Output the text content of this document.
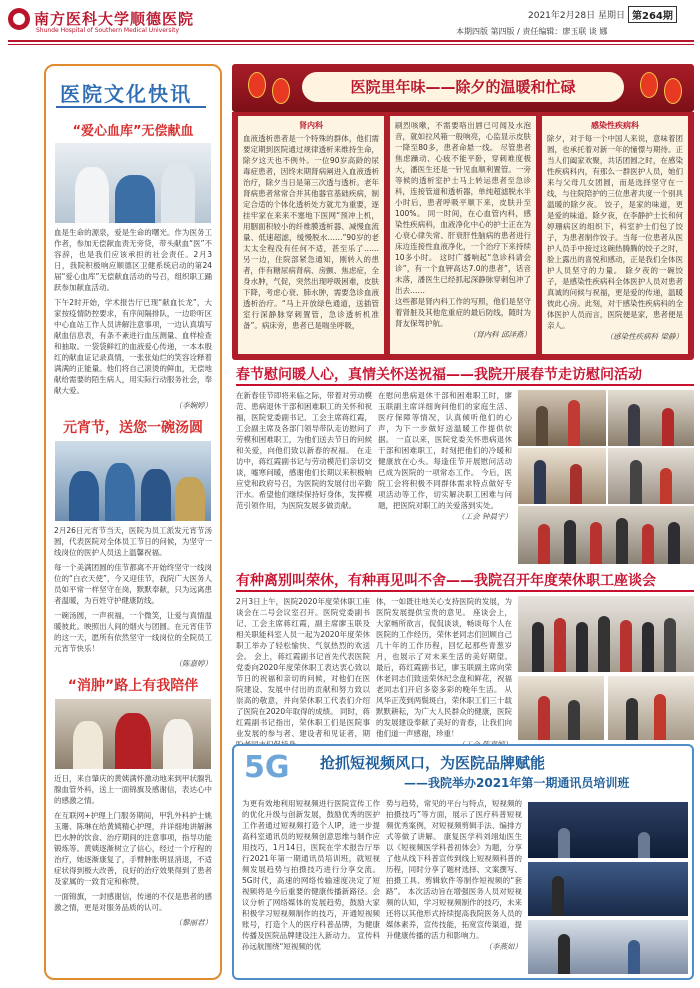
南方医科大学顺德医院
Shunde Hospital of Southern Medical University
2021年2月28日 星期日 第264期
本期四版 第四版 / 责任编辑：廖玉联 谈 娜
医院文化快讯
“爱心血库”无偿献血
血是生命的源泉，爱是生命的曙光。作为医务工作者，参加无偿献血责无旁贷，带头献血“医”不容辞，也是我们应该承担的社会责任。2月3日，我院积极响应顺德区卫健系统启动的第24届“爱心血库”无偿献血活动的号召，组织职工踊跃参加献血活动。
下午2时开始，学术报告厅已现“献血长龙”，大家按疫情防控要求，有序间隔排队，一边聆听区中心血站工作人员讲解注意事项，一边认真填写献血信息表，有条不紊进行血压测量、血样检查和抽取。一袋袋鲜红的血液爱心传递，一本本殷红的献血证记录真情，一张张灿烂的笑容诠释着满满的正能量。他们将自己滚烫的鲜血，无偿地献给需要的陌生病人，用实际行动服务社会，奉献大爱。
（李娴婷）
元宵节，送您一碗汤圆
2月26日元宵节当天，医院为员工派发元宵节汤圆，代表医院对全体员工节日的问候，为坚守一线岗位的医护人员送上温馨祝福。
每一个美满团圆的佳节都离不开始终坚守一线岗位的“白衣天使”，今又迎佳节，我院广大医务人员如平常一样坚守在岗，默默奉献，只为远离患者温暖，为百姓守护健康防线。
一碗汤圆，一声祝福，一个微笑，让爱与真情温暖彼此。映照出人间的烟火与团圆。在元宵佳节的这一天，愿所有依然坚守一线岗位的全院员工元宵节快乐！
（陈嘉婷）
“消肿”路上有我陪伴
近日，来自肇庆的黄姨满怀激动地来到甲状腺乳腺血管外科，送上一面锦旗及感谢信，表达心中的感激之情。
在互联网+护理上门服务期间，甲乳外科护士姚玉珊、陈琳在给黄姨精心护理，并详细地讲解淋巴水肿的饮食、治疗期间的注意事项，指导功能锻炼等。黄姨逐渐树立了信心，经过一个疗程的治疗，她逐渐康复了，手臂肿胀明显消退，不适症状得到极大改善，良好的治疗效果得到了患者及家属的一致肯定和称赞。
一面锦旗，一封感谢信，传递的不仅是患者的感激之情，更是对服务品质的认可。
（黎丽君）
医院里年味——除夕的温暖和忙碌
肾内科
血液透析患者是一个特殊的群体，他们需要定期到医院通过规律透析来维持生命，除夕这天也不例外。一位90岁高龄的尿毒症患者，因终末期肾病阐进入血液透析治疗，除夕当日是第三次透与透析。老年肾病患者常常合并其他器官基础疾病，制定合适的个体化透析处方就尤为重要，逐挂牢家在来来不塞地下医网“预冲上机，用胭面积较小的纤维膜透析器、减慢血流量、低速超滤，缓慢脱水……”90岁的老太太全程没有任何不适，甚至乐了…… 另一边，住院部紧急通知，刚转入的患者，伴有糖尿病肾病、房颤、焦虑症，全身水肿，气促，突然出现呼吸困难，皮肤下降，考虑心衰、肺水肿，需要急诊血液透析治疗。“马上开放绿色通道，送插管室行深静脉穿刺置管，急诊透析机准备”。病床旁，患者已是喘坐呼吸，
刷烈咳嗽，不需要咯出唇已可闻及水泡音，就如拉风箱一般响亮，心监显示皮肤一降至80多，患者命悬一线。 尽管患者焦虑躁动、心疲不能平卧，穿刺难度极大，潘医生还是一针见血顺利置管。一旁等候的透析室护士马上转运患者至急诊科，连接管道和透析器，单纯超滤脱水半小时后，患者呼吸平顺下来，皮肤升至100%。 同一时间，在心血管内科，感染性疾病科，血液净化中心的护士正在为心衰心律失常、肝衰肝性脑病的患者进行床边连接性血液净化，一个治疗下来持续10多小时。 这时广播响起“急诊科请会诊”，有一个血钾高达7.0的患者”，话音未落，潘医生已经抓起深静脉穿刺包冲了出去……
这些都是肾内科工作的写照，他们是坚守着肾脏及其他危重症的最后防线，随时为肾友保驾护航。
（肾内科 邱泽燕）
感染性疾病科
除夕，对于每一个中国人来说，意味着团圆，也承托着对新一年的憧憬与期待。正当人们阖家欢聚，共话团圆之时，在感染性疾病科内，有那么一群医护人员，她们来与父母几女团圆，而是选择坚守在一线，与住院陪护的三位患者共度一个别具温暖的除夕夜。 饺子，是家的味道，更是爱的味道。除夕夜，在李静护士长和何婷珊病区的组织下，科室护士们包了饺子，为患者制作饺子。当每一位患者从医护人员手中接过这碗热腾腾的饺子之时，脸上露出的喜悦和感动，正是我们全体医护人员坚守的力量。 除夕夜的一碗饺子，是感染性疾病科全体医护人员对患者真诚的问候与祝福，更是爱的传递，温暖彼此心房。此刻，对于感染性疾病科的全体医护人员而言，医院便是家，患者便是亲人。
（感染性疾病科 梁静）
春节慰问暖人心，真情关怀送祝福——我院开展春节走访慰问活动
在新春佳节即将来临之际，带着对劳动模范、患病退休干部和困难职工的关怀和祝福，医院党委副书记、工会主席蒋红霞，工会副主席及各部门领导带队走访慰问了劳模和困难职工，为他们送去节日的问候和关爱，向他们致以新春的祝福。 在走访中，蒋红霞副书记与劳动模范们亲切交谈，嘘寒问暖，感谢他们长期以来积极响应党和政府号召，为医院的发展付出辛勤汗水。希望他们继续保持好身体，发挥模范引领作用，为医院发展多做贡献。
在慰问患病退休干部和困难职工时，廖玉联副主席详细询问他们的家庭生活、医疗保障等情况，认真倾听他们的心声，为下一步做好送温暖工作提供依据。 一直以来，医院党委关怀患病退休干部和困难职工，时刻把他们的冷暖和健康放在心头。每逢佳节开展慰问活动已成为医院的一项常态工作。 今后，医院工会将积极不同群体需求特点做好专项活动等工作，切实解决职工困难与问题，把医院对职工的关爱落到实处。
（工会 钟晨宇）
有种离别叫荣休，有种再见叫不舍——我院召开年度荣休职工座谈会
2月3日上午，医院2020年度荣休职工座谈会在二号会议室召开。医院党委副书记、工会主席蒋红霞，副主席廖玉联及相关职能科室人员一起为2020年度荣休职工举办了轻松愉快、气氛热烈的欢送会。 会上，蒋红霞副书记首先代表医院党委向2020年度荣休职工表达衷心致以节日的祝福和亲切的问候，对他们在医院建设、发展中付出的贡献和努力致以崇高的敬意，并向荣休职工代表们介绍了医院在2020年取得的成绩。 同时，蒋红霞副书记指出，荣休职工们是医院事业发展的参与者、建设者和见证者，期
体，一如既往地关心支持医院的发展，为医院发展提供宝贵的意见。 座谈会上，大家畅所欲言，侃侃谈谈，畅谈每个人在医院的工作经历，荣休老同志们回顾自己几十年的工作历程，回忆起那些青葱岁月，也展示了对未来生活的美好期望。 最后，蒋红霞副书记，廖玉联副主席向荣休老同志们致送荣休纪念盘和鲜花，祝福老同志们开启多姿多彩的晚年生活。 从风华正茂到两鬓斑白，荣休职工们三十载默默耕耘，为广大人民群众的健康，医院的发展建设奉献了美好的青春，让我们向他们道一声感谢，珍重！
5G 抢抓短视频风口，为医院品牌赋能
——我院举办2021年第一期通讯员培训班
为更有效地利用短视频进行医院宣传工作的优化升级与创新发展，鼓励优秀的医护工作者通过短视频打造个人IP，进一步提高科室通讯员的短视频创意思维与制作应用技巧，1月14日，医院在学术报告厅举行2021年第一期通讯员培训班，就短视频发展趋势与拍摄技巧进行分享交流。 5G时代，高速的网络传输速度决定了短视频将是今后重要的健康传播新路径。会议分析了网络媒体的发展趋势，鼓励大家积极学习短视频制作的技巧，开通短视频账号，打造个人的医疗科普品牌，为健康传播及医院品牌建设注入新动力。 宣传科孙远航围绕“短视频的优
势与趋势，常见的平台与特点，短视频的拍摄技巧”等方面，展示了医疗科普短视频优秀案例，对短视频剪辑手法、编排方式等做了讲解。 康复医学科刘翊灿医生以《短视频医学科普初体会》为题，分享了他从线下科普宣传到线上短视频科普的历程，同时分享了题材选择、文案撰写、拍摄工具、剪辑软件等制作短视频的“套路”。 本次活动旨在增强医务人员对短视频的认知，学习短视频制作的技巧，未来还将以其他形式持续提高我院医务人员的媒体素养，宣传技能，拓宽宣传渠道，提升健康传播的活力和影响力。
（李燕如）
